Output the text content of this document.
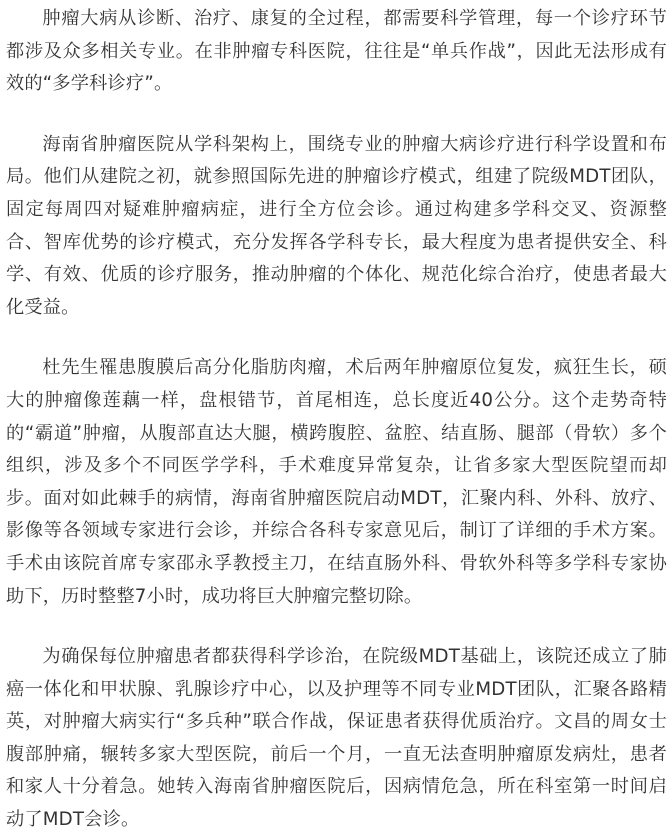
肿瘤大病从诊断、治疗、康复的全过程，都需要科学管理，每一个诊疗环节都涉及众多相关专业。在非肿瘤专科医院，往往是“单兵作战”，因此无法形成有效的“多学科诊疗”。

海南省肿瘤医院从学科架构上，围绕专业的肿瘤大病诊疗进行科学设置和布局。他们从建院之初，就参照国际先进的肿瘤诊疗模式，组建了院级MDT团队，固定每周四对疑难肿瘤病症，进行全方位会诊。通过构建多学科交叉、资源整合、智库优势的诊疗模式，充分发挥各学科专长，最大程度为患者提供安全、科学、有效、优质的诊疗服务，推动肿瘤的个体化、规范化综合治疗，使患者最大化受益。

杜先生罹患腹膜后高分化脂肪肉瘤，术后两年肿瘤原位复发，疯狂生长，硕大的肿瘤像莲藕一样，盘根错节，首尾相连，总长度近40公分。这个走势奇特的“霸道”肿瘤，从腹部直达大腿，横跨腹腔、盆腔、结直肠、腿部（骨软）多个组织，涉及多个不同医学学科，手术难度异常复杂，让省多家大型医院望而却步。面对如此棘手的病情，海南省肿瘤医院启动MDT，汇聚内科、外科、放疗、影像等各领域专家进行会诊，并综合各科专家意见后，制订了详细的手术方案。手术由该院首席专家邵永孚教授主刀，在结直肠外科、骨软外科等多学科专家协助下，历时整整7小时，成功将巨大肿瘤完整切除。

为确保每位肿瘤患者都获得科学诊治，在院级MDT基础上，该院还成立了肺癌一体化和甲状腺、乳腺诊疗中心，以及护理等不同专业MDT团队，汇聚各路精英，对肿瘤大病实行“多兵种”联合作战，保证患者获得优质治疗。文昌的周女士腹部肿痛，辗转多家大型医院，前后一个月，一直无法查明肿瘤原发病灶，患者和家人十分着急。她转入海南省肿瘤医院后，因病情危急，所在科室第一时间启动了MDT会诊。
